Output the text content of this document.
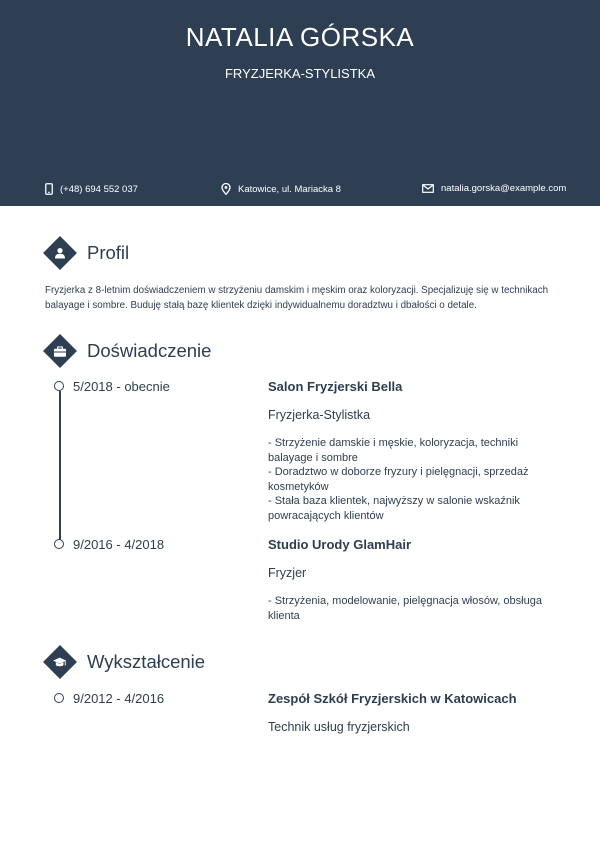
NATALIA GÓRSKA
FRYZJERKA-STYLISTKA
(+48) 694 552 037	Katowice, ul. Mariacka 8	natalia.gorska@example.com
Profil
Fryzjerka z 8-letnim doświadczeniem w strzyżeniu damskim i męskim oraz koloryzacji. Specjalizuję się w technikach balayage i sombre. Buduję stałą bazę klientek dzięki indywidualnemu doradztwu i dbałości o detale.
Doświadczenie
5/2018 - obecnie	Salon Fryzjerski Bella
Fryzjerka-Stylistka
- Strzyżenie damskie i męskie, koloryzacja, techniki balayage i sombre
- Doradztwo w doborze fryzury i pielęgnacji, sprzedaż kosmetyków
- Stała baza klientek, najwyższy w salonie wskaźnik powracających klientów
9/2016 - 4/2018	Studio Urody GlamHair
Fryzjer
- Strzyżenia, modelowanie, pielęgnacja włosów, obsługa klienta
Wykształcenie
9/2012 - 4/2016	Zespół Szkół Fryzjerskich w Katowicach
Technik usług fryzjerskich
